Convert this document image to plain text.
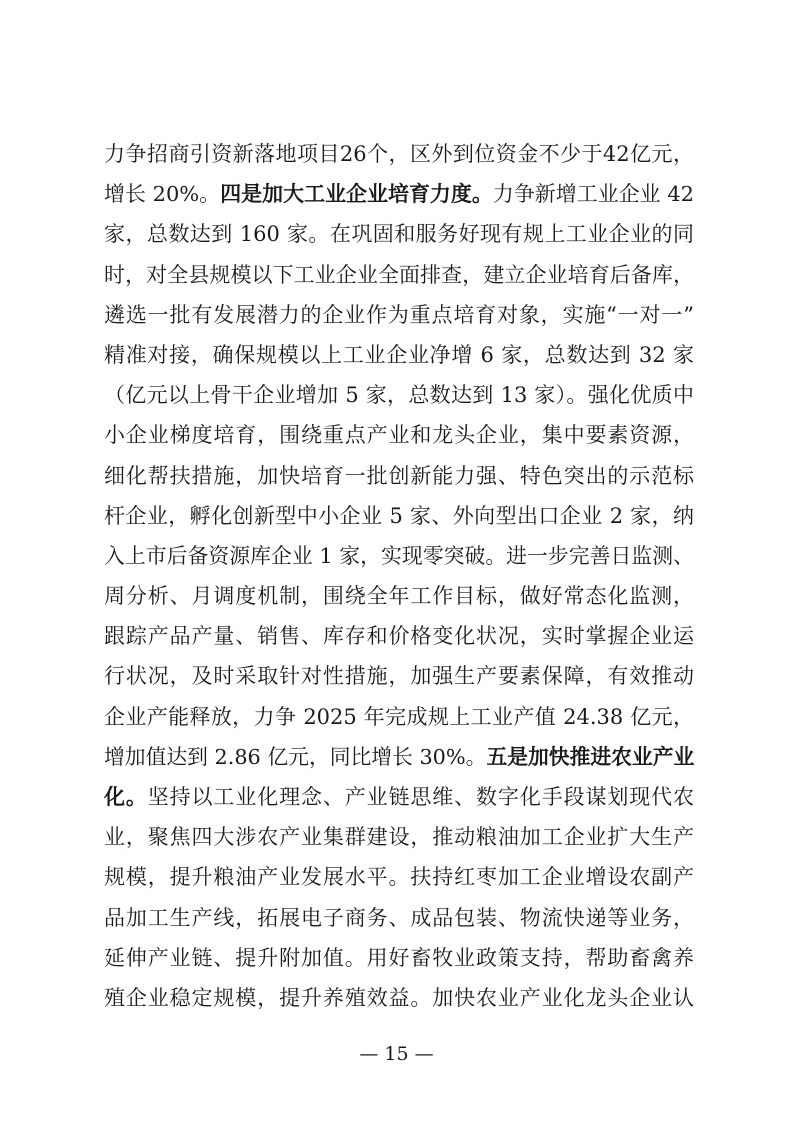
力争招商引资新落地项目26个，区外到位资金不少于42亿元，
增长 20%。四是加大工业企业培育力度。力争新增工业企业 42
家，总数达到 160 家。在巩固和服务好现有规上工业企业的同
时，对全县规模以下工业企业全面排查，建立企业培育后备库，
遴选一批有发展潜力的企业作为重点培育对象，实施“一对一”
精准对接，确保规模以上工业企业净增 6 家，总数达到 32 家
（亿元以上骨干企业增加 5 家，总数达到 13 家）。强化优质中
小企业梯度培育，围绕重点产业和龙头企业，集中要素资源，
细化帮扶措施，加快培育一批创新能力强、特色突出的示范标
杆企业，孵化创新型中小企业 5 家、外向型出口企业 2 家，纳
入上市后备资源库企业 1 家，实现零突破。进一步完善日监测、
周分析、月调度机制，围绕全年工作目标，做好常态化监测，
跟踪产品产量、销售、库存和价格变化状况，实时掌握企业运
行状况，及时采取针对性措施，加强生产要素保障，有效推动
企业产能释放，力争 2025 年完成规上工业产值 24.38 亿元，
增加值达到 2.86 亿元，同比增长 30%。五是加快推进农业产业
化。坚持以工业化理念、产业链思维、数字化手段谋划现代农
业，聚焦四大涉农产业集群建设，推动粮油加工企业扩大生产
规模，提升粮油产业发展水平。扶持红枣加工企业增设农副产
品加工生产线，拓展电子商务、成品包装、物流快递等业务，
延伸产业链、提升附加值。用好畜牧业政策支持，帮助畜禽养
殖企业稳定规模，提升养殖效益。加快农业产业化龙头企业认
— 15 —
